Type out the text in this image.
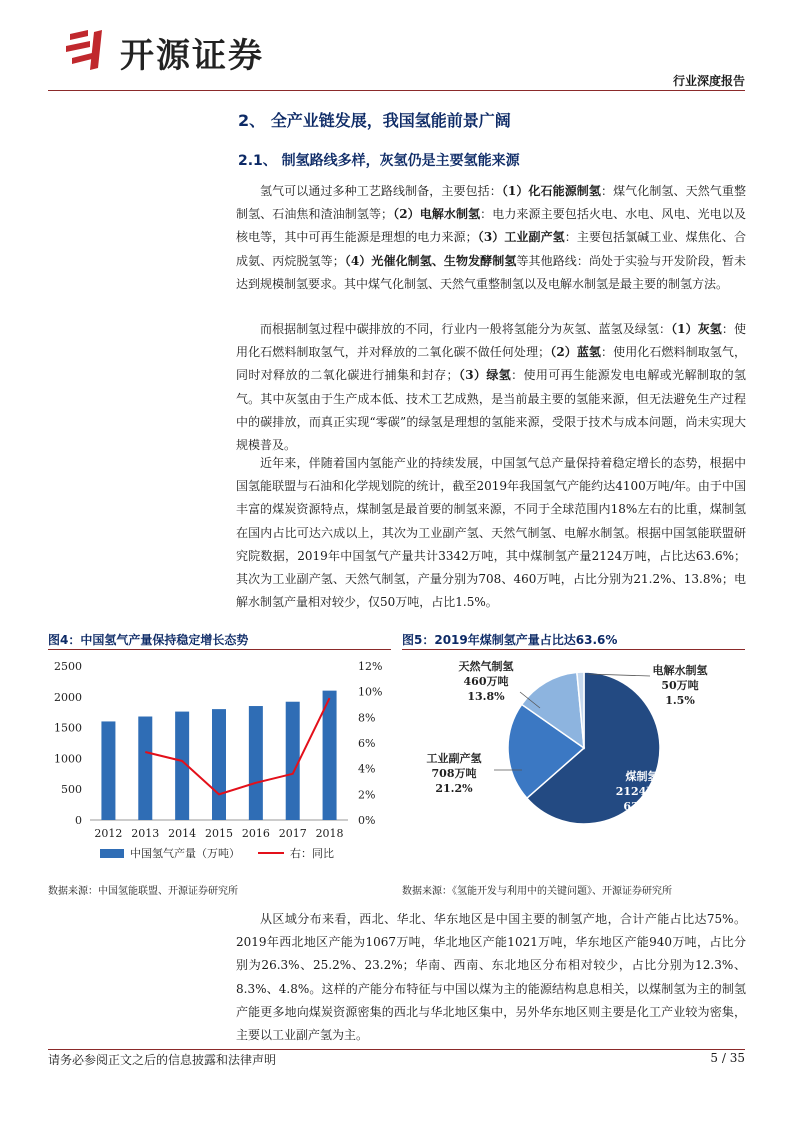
开源证券
行业深度报告
2、 全产业链发展，我国氢能前景广阔
2.1、 制氢路线多样，灰氢仍是主要氢能来源

氢气可以通过多种工艺路线制备，主要包括：（1）化石能源制氢：煤气化制氢、天然气重整制氢、石油焦和渣油制氢等；（2）电解水制氢：电力来源主要包括火电、水电、风电、光电以及核电等，其中可再生能源是理想的电力来源；（3）工业副产氢：主要包括氯碱工业、煤焦化、合成氨、丙烷脱氢等；（4）光催化制氢、生物发酵制氢等其他路线：尚处于实验与开发阶段，暂未达到规模制氢要求。其中煤气化制氢、天然气重整制氢以及电解水制氢是最主要的制氢方法。

而根据制氢过程中碳排放的不同，行业内一般将氢能分为灰氢、蓝氢及绿氢：（1）灰氢：使用化石燃料制取氢气，并对释放的二氧化碳不做任何处理；（2）蓝氢：使用化石燃料制取氢气，同时对释放的二氧化碳进行捕集和封存；（3）绿氢：使用可再生能源发电电解或光解制取的氢气。其中灰氢由于生产成本低、技术工艺成熟，是当前最主要的氢能来源，但无法避免生产过程中的碳排放，而真正实现“零碳”的绿氢是理想的氢能来源，受限于技术与成本问题，尚未实现大规模普及。

近年来，伴随着国内氢能产业的持续发展，中国氢气总产量保持着稳定增长的态势，根据中国氢能联盟与石油和化学规划院的统计，截至2019年我国氢气产能约达4100万吨/年。由于中国丰富的煤炭资源特点，煤制氢是最首要的制氢来源，不同于全球范围内18%左右的比重，煤制氢在国内占比可达六成以上，其次为工业副产氢、天然气制氢、电解水制氢。根据中国氢能联盟研究院数据，2019年中国氢气产量共计3342万吨，其中煤制氢产量2124万吨，占比达63.6%；其次为工业副产氢、天然气制氢，产量分别为708、460万吨，占比分别为21.2%、13.8%；电解水制氢产量相对较少，仅50万吨，占比1.5%。

图4：中国氢气产量保持稳定增长态势
0
500
1000
1500
2000
2500
0%
2%
4%
6%
8%
10%
12%
2012 2013 2014 2015 2016 2017 2018
中国氢气产量（万吨）	右：同比
数据来源：中国氢能联盟、开源证券研究所
图5：2019年煤制氢产量占比达63.6%
煤制氢
2124万吨
63.6%
工业副产氢
708万吨
21.2%
天然气制氢
460万吨
13.8%
电解水制氢
50万吨
1.5%
数据来源：《氢能开发与利用中的关键问题》、开源证券研究所

从区域分布来看，西北、华北、华东地区是中国主要的制氢产地，合计产能占比达75%。2019年西北地区产能为1067万吨，华北地区产能1021万吨，华东地区产能940万吨，占比分别为26.3%、25.2%、23.2%；华南、西南、东北地区分布相对较少，占比分别为12.3%、8.3%、4.8%。这样的产能分布特征与中国以煤为主的能源结构息息相关，以煤制氢为主的制氢产能更多地向煤炭资源密集的西北与华北地区集中，另外华东地区则主要是化工产业较为密集，主要以工业副产氢为主。

请务必参阅正文之后的信息披露和法律声明	5 / 35
